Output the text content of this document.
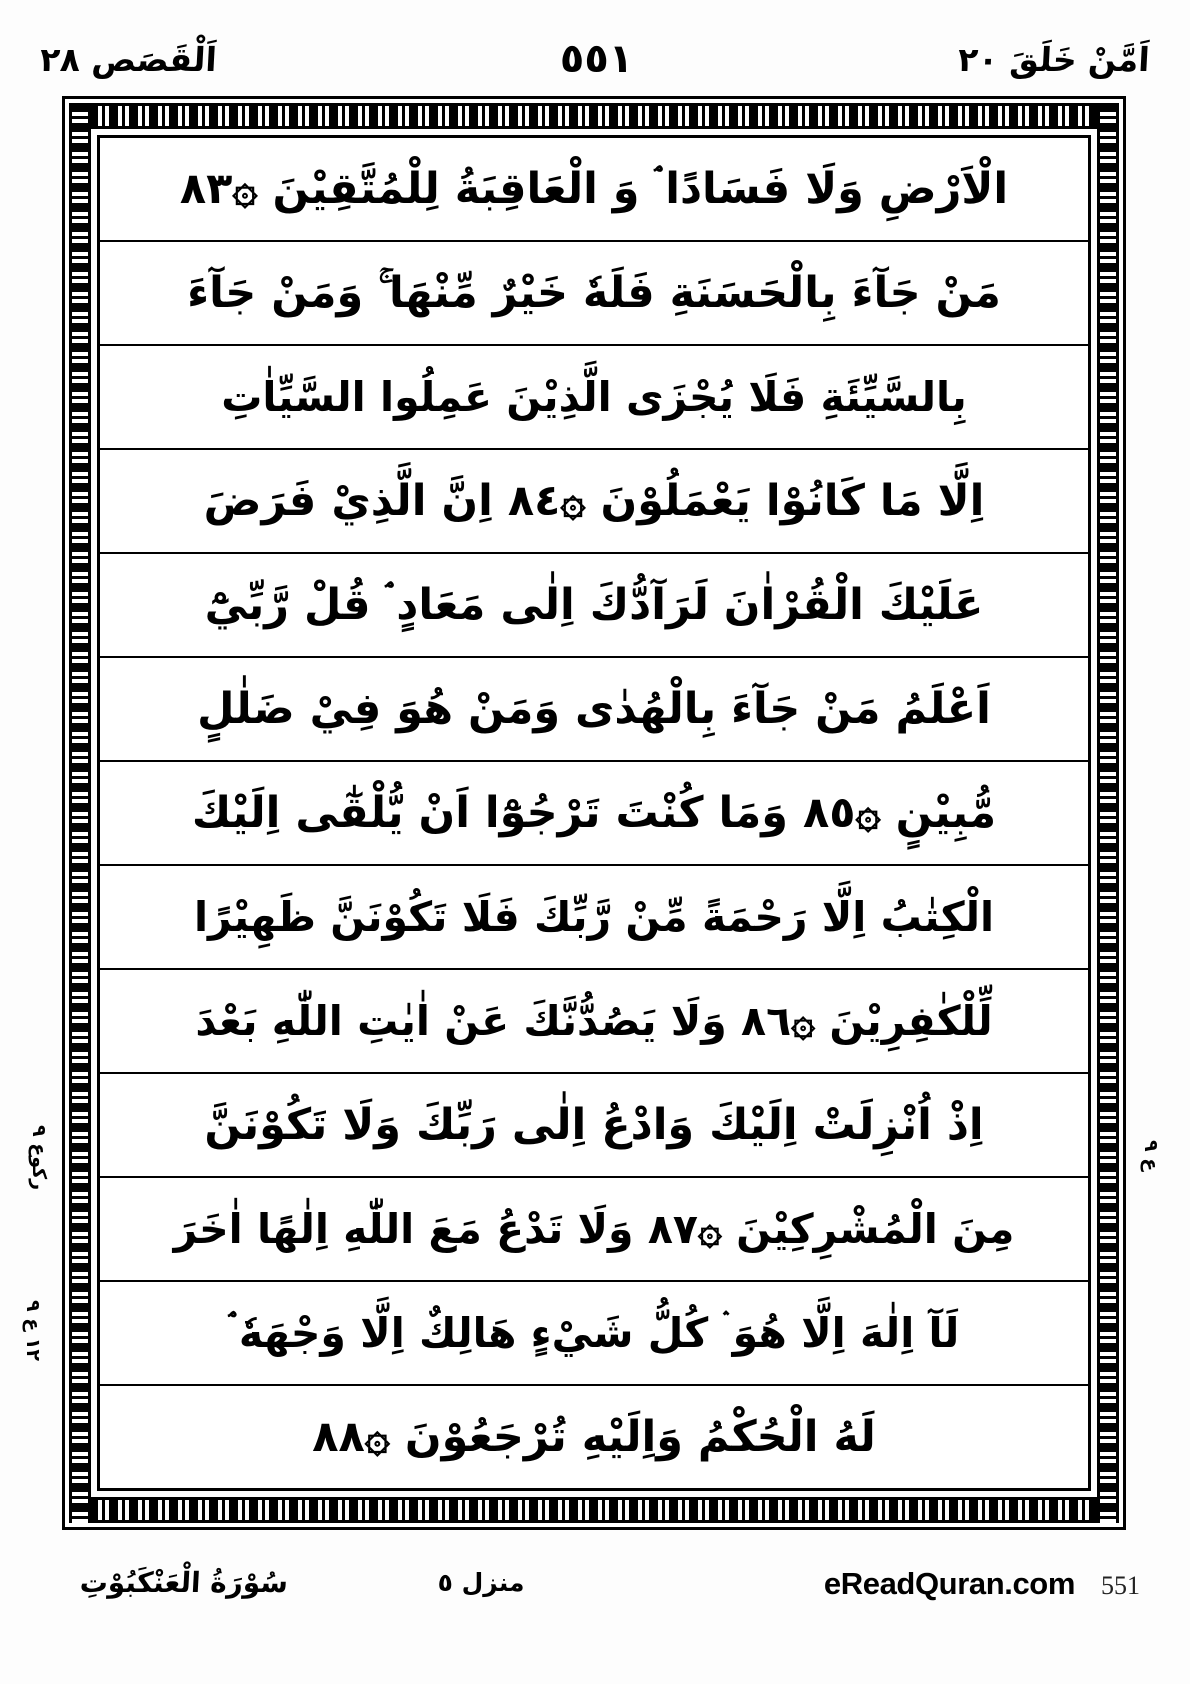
اَلْقَصَص ٢٨	٥٥١	اَمَّنْ خَلَقَ ٢٠
الْاَرْضِ وَلَا فَسَادًا ۘ وَ الْعَاقِبَةُ لِلْمُتَّقِيْنَ ۞٨٣
مَنْ جَآءَ بِالْحَسَنَةِ فَلَهٗ خَيْرٌ مِّنْهَا ۚ وَمَنْ جَآءَ
بِالسَّيِّئَةِ فَلَا يُجْزَى الَّذِيْنَ عَمِلُوا السَّيِّاٰتِ
اِلَّا مَا كَانُوْا يَعْمَلُوْنَ ۞٨٤ اِنَّ الَّذِيْ فَرَضَ
عَلَيْكَ الْقُرْاٰنَ لَرَآدُّكَ اِلٰى مَعَادٍ ۘ قُلْ رَّبِّيْٓ
اَعْلَمُ مَنْ جَآءَ بِالْهُدٰى وَمَنْ هُوَ فِيْ ضَلٰلٍ
مُّبِيْنٍ ۞٨٥ وَمَا كُنْتَ تَرْجُوْٓا اَنْ يُّلْقٰٓى اِلَيْكَ
الْكِتٰبُ اِلَّا رَحْمَةً مِّنْ رَّبِّكَ فَلَا تَكُوْنَنَّ ظَهِيْرًا
لِّلْكٰفِرِيْنَ ۞٨٦ وَلَا يَصُدُّنَّكَ عَنْ اٰيٰتِ اللّٰهِ بَعْدَ
اِذْ اُنْزِلَتْ اِلَيْكَ وَادْعُ اِلٰى رَبِّكَ وَلَا تَكُوْنَنَّ
مِنَ الْمُشْرِكِيْنَ ۞٨٧ وَلَا تَدْعُ مَعَ اللّٰهِ اِلٰهًا اٰخَرَ
لَآ اِلٰهَ اِلَّا هُوَ ۛ كُلُّ شَيْءٍ هَالِكٌ اِلَّا وَجْهَهٗ ۘ
لَهُ الْحُكْمُ وَاِلَيْهِ تُرْجَعُوْنَ ۞٨٨
ركوع ٩
١٢ ع ٩
ع ٩
سُوْرَةُ الْعَنْكَبُوْتِ	منزل ٥	eReadQuran.com 551
